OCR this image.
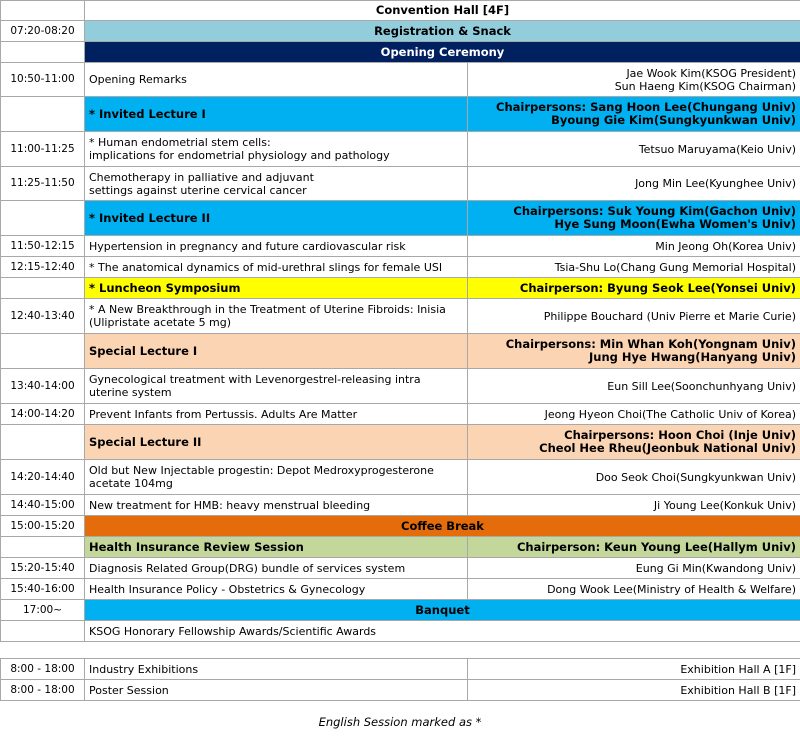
	Convention Hall [4F]	
07:20-08:20	Registration & Snack	
	Opening Ceremony	
10:50-11:00	Opening Remarks	Jae Wook Kim(KSOG President)
Sun Haeng Kim(KSOG Chairman)

	* Invited Lecture I	Chairpersons: Sang Hoon Lee(Chungang Univ)
Byoung Gie Kim(Sungkyunkwan Univ)

11:00-11:25	* Human endometrial stem cells:
implications for endometrial physiology and pathology	Tetsuo Maruyama(Keio Univ)
11:25-11:50	Chemotherapy in palliative and adjuvant
settings against uterine cervical cancer	Jong Min Lee(Kyunghee Univ)
	* Invited Lecture II	Chairpersons: Suk Young Kim(Gachon Univ)
Hye Sung Moon(Ewha Women's Univ)

11:50-12:15	Hypertension in pregnancy and future cardiovascular risk	Min Jeong Oh(Korea Univ)
12:15-12:40	* The anatomical dynamics of mid-urethral slings for female USI	Tsia-Shu Lo(Chang Gung Memorial Hospital)
	* Luncheon Symposium	Chairperson: Byung Seok Lee(Yonsei Univ)
12:40-13:40	* A New Breakthrough in the Treatment of Uterine Fibroids: Inisia
(Ulipristate acetate 5 mg)	Philippe Bouchard (Univ Pierre et Marie Curie)
	Special Lecture I	Chairpersons: Min Whan Koh(Yongnam Univ)
Jung Hye Hwang(Hanyang Univ)

13:40-14:00	Gynecological treatment with Levenorgestrel-releasing intra
uterine system	Eun Sill Lee(Soonchunhyang Univ)
14:00-14:20	Prevent Infants from Pertussis. Adults Are Matter	Jeong Hyeon Choi(The Catholic Univ of Korea)
	Special Lecture II	Chairpersons: Hoon Choi (Inje Univ)
Cheol Hee Rheu(Jeonbuk National Univ)

14:20-14:40	Old but New Injectable progestin: Depot Medroxyprogesterone
acetate 104mg	Doo Seok Choi(Sungkyunkwan Univ)
14:40-15:00	New treatment for HMB: heavy menstrual bleeding	Ji Young Lee(Konkuk Univ)
15:00-15:20	Coffee Break	
	Health Insurance Review Session	Chairperson: Keun Young Lee(Hallym Univ)
15:20-15:40	Diagnosis Related Group(DRG) bundle of services system	Eung Gi Min(Kwandong Univ)
15:40-16:00	Health Insurance Policy - Obstetrics & Gynecology	Dong Wook Lee(Ministry of Health & Welfare)
17:00~	Banquet	
	KSOG Honorary Fellowship Awards/Scientific Awards	
8:00 - 18:00	Industry Exhibitions	Exhibition Hall A [1F]
8:00 - 18:00	Poster Session	Exhibition Hall B [1F]
English Session marked as *
